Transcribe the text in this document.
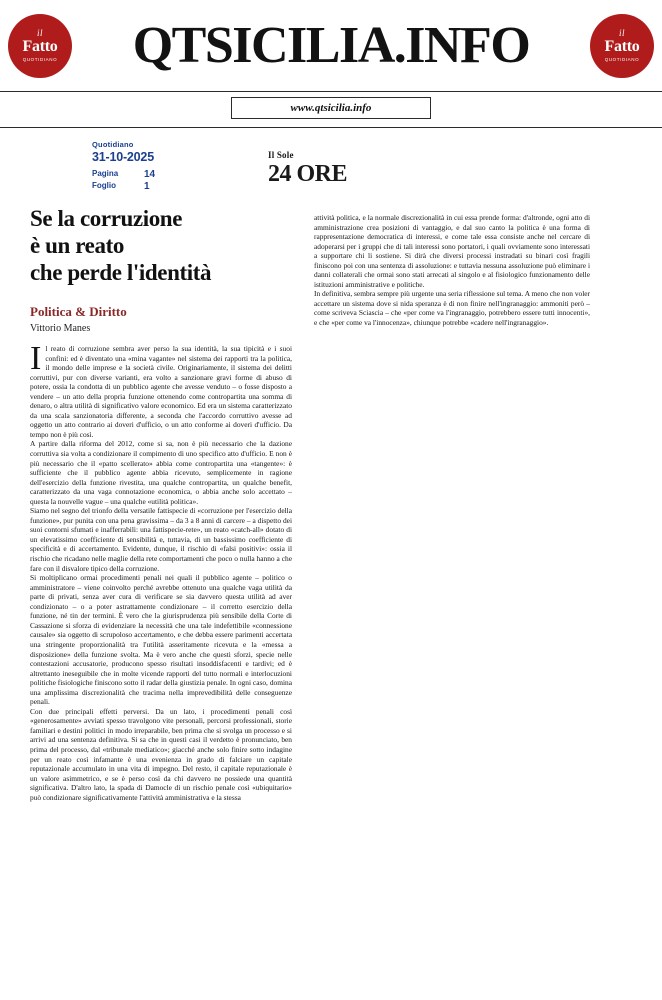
il
Fatto
QUOTIDIANO	QTSICILIA.INFO	il
Fatto
QUOTIDIANO
www.qtsicilia.info
Quotidiano
31-10-2025
Pagina	14
Foglio	1
Il Sole
24 ORE
Se la corruzione
è un reato
che perde l'identità
Politica & Diritto
Vittorio Manes

Il reato di corruzione sembra aver perso la sua identità, la sua tipicità e i suoi confini: ed è diventato una «mina vagante» nel sistema dei rapporti tra la politica, il mondo delle imprese e la società civile. Originariamente, il sistema dei delitti corruttivi, pur con diverse varianti, era volto a sanzionare gravi forme di abuso di potere, ossia la condotta di un pubblico agente che avesse venduto – o fosse disposto a vendere – un atto della propria funzione ottenendo come contropartita una somma di denaro, o altra utilità di significativo valore economico. Ed era un sistema caratterizzato da una scala sanzionatoria differente, a seconda che l'accordo corruttivo avesse ad oggetto un atto contrario ai doveri d'ufficio, o un atto conforme ai doveri d'ufficio. Da tempo non è più così.

A partire dalla riforma del 2012, come si sa, non è più necessario che la dazione corruttiva sia volta a condizionare il compimento di uno specifico atto d'ufficio. E non è più necessario che il «patto scellerato» abbia come contropartita una «tangente»: è sufficiente che il pubblico agente abbia ricevuto, semplicemente in ragione dell'esercizio della funzione rivestita, una qualche contropartita, un qualche benefit, caratterizzato da una vaga connotazione economica, o abbia anche solo accettato – questa la nouvelle vague – una qualche «utilità politica».

Siamo nel segno del trionfo della versatile fattispecie di «corruzione per l'esercizio della funzione», pur punita con una pena gravissima – da 3 a 8 anni di carcere – a dispetto dei suoi contorni sfumati e inafferrabili: una fattispecie-rete», un reato «catch-all» dotato di un elevatissimo coefficiente di sensibilità e, tuttavia, di un bassissimo coefficiente di specificità e di accertamento. Evidente, dunque, il rischio di «falsi positivi»: ossia il rischio che ricadano nelle maglie della rete comportamenti che poco o nulla hanno a che fare con il disvalore tipico della corruzione.

Si moltiplicano ormai procedimenti penali nei quali il pubblico agente – politico o amministratore – viene coinvolto perché avrebbe ottenuto una qualche vaga utilità da parte di privati, senza aver cura di verificare se sia davvero questa utilità ad aver condizionato – o a poter astrattamente condizionare – il corretto esercizio della funzione, né tin der termini. È vero che la giurisprudenza più sensibile della Corte di Cassazione si sforza di evidenziare la necessità che una tale indefettibile «connessione causale» sia oggetto di scrupoloso accertamento, e che debba essere parimenti accertata una stringente proporzionalità tra l'utilità asseritamente ricevuta e la «messa a disposizione» della funzione svolta. Ma è vero anche che questi sforzi, specie nelle contestazioni accusatorie, producono spesso risultati insoddisfacenti e tardivi; ed è altrettanto ineseguibile che in molte vicende rapporti del tutto normali e interlocuzioni politiche fisiologiche finiscono sotto il radar della giustizia penale. In ogni caso, domina una amplissima discrezionalità che tracima nella imprevedibilità delle conseguenze penali.

Con due principali effetti perversi. Da un lato, i procedimenti penali così «generosamente» avviati spesso travolgono vite personali, percorsi professionali, storie familiari e destini politici in modo irreparabile, ben prima che si svolga un processo e si arrivi ad una sentenza definitiva. Si sa che in questi casi il verdetto è pronunciato, ben prima del processo, dal «tribunale mediatico»; giacché anche solo finire sotto indagine per un reato così infamante è una evenienza in grado di falciare un capitale reputazionale accumulato in una vita di impegno. Del resto, il capitale reputazionale è un valore asimmetrico, e se è perso così da chi davvero ne possiede una quantità significativa. D'altro lato, la spada di Damocle di un rischio penale così «ubiquitario» può condizionare significativamente l'attività amministrativa e la stessa

attività politica, e la normale discrezionalità in cui essa prende forma: d'altronde, ogni atto di amministrazione crea posizioni di vantaggio, e dal suo canto la politica è una forma di rappresentazione democratica di interessi, e come tale essa consiste anche nel cercare di adoperarsi per i gruppi che di tali interessi sono portatori, i quali ovviamente sono interessati a supportare chi li sostiene. Si dirà che diversi processi instradati su binari così fragili finiscono poi con una sentenza di assoluzione: e tuttavia nessuna assoluzione può eliminare i danni collaterali che ormai sono stati arrecati al singolo e al fisiologico funzionamento delle istituzioni amministrative e politiche.

In definitiva, sembra sempre più urgente una seria riflessione sul tema. A meno che non voler accettare un sistema dove si nida speranza è di non finire nell'ingranaggio: ammoniti però – come scriveva Sciascia – che «per come va l'ingranaggio, potrebbero essere tutti innocenti», e che «per come va l'innocenza», chiunque potrebbe «cadere nell'ingranaggio».
